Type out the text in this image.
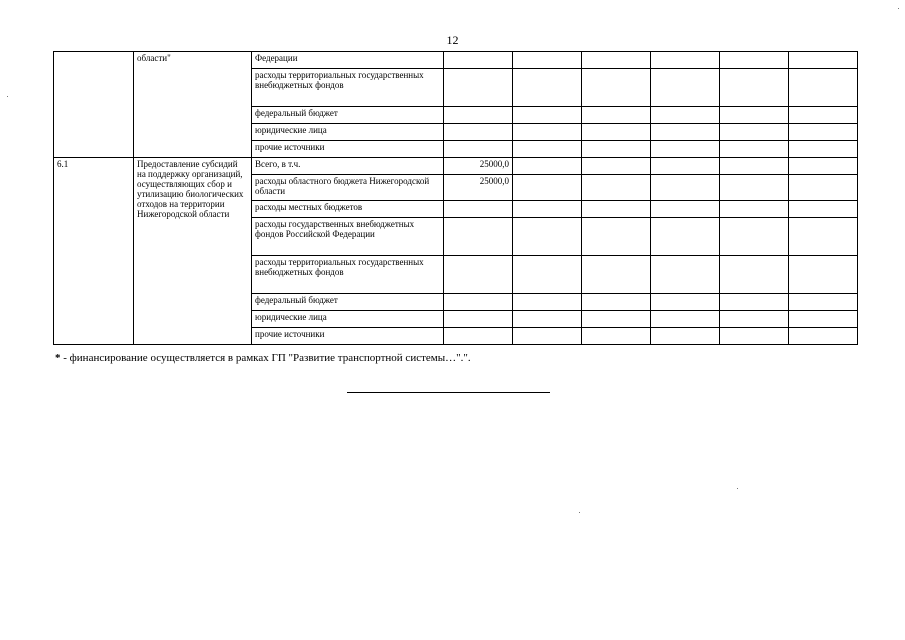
12
	области"	Федерации						
		расходы территориальных государственных внебюджетных фондов						
		федеральный бюджет						
		юридические лица						
		прочие источники						
6.1	Предоставление субсидий на поддержку организаций, осуществляющих сбор и утилизацию биологических отходов на территории Нижегородской области	Всего, в т.ч.	25000,0					
		расходы областного бюджета Нижегородской области	25000,0					
		расходы местных бюджетов						
		расходы государственных внебюджетных фондов Российской Федерации						
		расходы территориальных государственных внебюджетных фондов						
		федеральный бюджет						
		юридические лица						
		прочие источники						
* - финансирование осуществляется в рамках ГП "Развитие транспортной системы…".".
